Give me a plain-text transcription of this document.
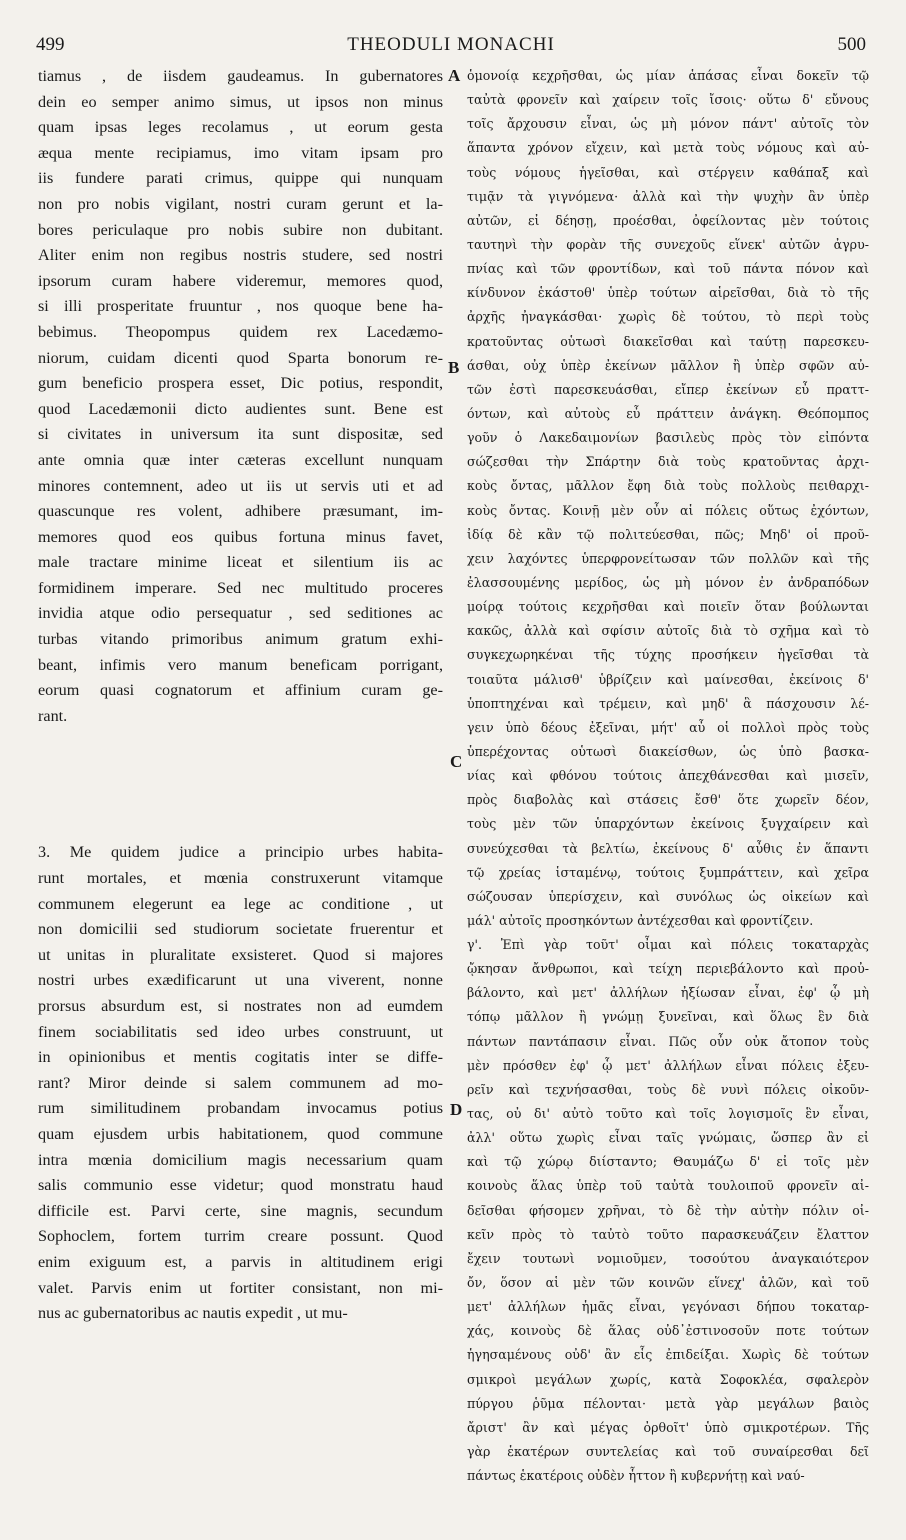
499	THEODULI MONACHI	500
tiamus , de iisdem gaudeamus. In gubernatores
dein eo semper animo simus, ut ipsos non minus
quam ipsas leges recolamus , ut eorum gesta
æqua mente recipiamus, imo vitam ipsam pro
iis fundere parati crimus, quippe qui nunquam
non pro nobis vigilant, nostri curam gerunt et la-
bores periculaque pro nobis subire non dubitant.
Aliter enim non regibus nostris studere, sed nostri
ipsorum curam habere videremur, memores quod,
si illi prosperitate fruuntur , nos quoque bene ha-
bebimus. Theopompus quidem rex Lacedæmo-
niorum, cuidam dicenti quod Sparta bonorum re-
gum beneficio prospera esset, Dic potius, respondit,
quod Lacedæmonii dicto audientes sunt. Bene est
si civitates in universum ita sunt dispositæ, sed
ante omnia quæ inter cæteras excellunt nunquam
minores contemnent, adeo ut iis ut servis uti et ad
quascunque res volent, adhibere præsumant, im-
memores quod eos quibus fortuna minus favet,
male tractare minime liceat et silentium iis ac
formidinem imperare. Sed nec multitudo proceres
invidia atque odio persequatur , sed seditiones ac
turbas vitando primoribus animum gratum exhi-
beant, infimis vero manum beneficam porrigant,
eorum quasi cognatorum et affinium curam ge-
rant.
3. Me quidem judice a principio urbes habita-
runt mortales, et mœnia construxerunt vitamque
communem elegerunt ea lege ac conditione , ut
non domicilii sed studiorum societate fruerentur et
ut unitas in pluralitate exsisteret. Quod si majores
nostri urbes exædificarunt ut una viverent, nonne
prorsus absurdum est, si nostrates non ad eumdem
finem sociabilitatis sed ideo urbes construunt, ut
in opinionibus et mentis cogitatis inter se diffe-
rant? Miror deinde si salem communem ad mo-
rum similitudinem probandam invocamus potius
quam ejusdem urbis habitationem, quod commune
intra mœnia domicilium magis necessarium quam
salis communio esse videtur; quod monstratu haud
difficile est. Parvi certe, sine magnis, secundum
Sophoclem, fortem turrim creare possunt. Quod
enim exiguum est, a parvis in altitudinem erigi
valet. Parvis enim ut fortiter consistant, non mi-
nus ac gubernatoribus ac nautis expedit , ut mu-
A
B
C
D
ὁμονοίᾳ κεχρῆσθαι, ὡς μίαν ἁπάσας εἶναι δοκεῖν τῷ
ταὐτὰ φρονεῖν καὶ χαίρειν τοῖς ἴσοις· οὕτω δ' εὔνους
τοῖς ἄρχουσιν εἶναι, ὡς μὴ μόνον πάντ' αὐτοῖς τὸν
ἅπαντα χρόνον εἴχειν, καὶ μετὰ τοὺς νόμους καὶ αὐ-
τοὺς νόμους ἡγεῖσθαι, καὶ στέργειν καθάπαξ καὶ
τιμᾷν τὰ γιγνόμενα· ἀλλὰ καὶ τὴν ψυχὴν ἂν ὑπὲρ
αὐτῶν, εἰ δέησῃ, προέσθαι, ὀφείλοντας μὲν τούτοις
ταυτηνὶ τὴν φορὰν τῆς συνεχοῦς εἵνεκ' αὐτῶν ἀγρυ-
πνίας καὶ τῶν φροντίδων, καὶ τοῦ πάντα πόνον καὶ
κίνδυνον ἑκάστοθ' ὑπὲρ τούτων αἱρεῖσθαι, διὰ τὸ τῆς
ἀρχῆς ἠναγκάσθαι· χωρὶς δὲ τούτου, τὸ περὶ τοὺς
κρατοῦντας οὑτωσὶ διακεῖσθαι καὶ ταύτῃ παρεσκευ-
άσθαι, οὐχ ὑπὲρ ἐκείνων μᾶλλον ἢ ὑπὲρ σφῶν αὐ-
τῶν ἐστὶ παρεσκευάσθαι, εἴπερ ἐκείνων εὖ πραττ-
όντων, καὶ αὐτοὺς εὖ πράττειν ἀνάγκη. Θεόπομπος
γοῦν ὁ Λακεδαιμονίων βασιλεὺς πρὸς τὸν εἰπόντα
σώζεσθαι τὴν Σπάρτην διὰ τοὺς κρατοῦντας ἀρχι-
κοὺς ὄντας, μᾶλλον ἔφη διὰ τοὺς πολλοὺς πειθαρχι-
κοὺς ὄντας. Κοινῇ μὲν οὖν αἱ πόλεις οὕτως ἐχόντων,
ἰδίᾳ δὲ κἂν τῷ πολιτεύεσθαι, πῶς; Μηδ' οἱ προῦ-
χειν λαχόντες ὑπερφρονείτωσαν τῶν πολλῶν καὶ τῆς
ἐλασσουμένης μερίδος, ὡς μὴ μόνον ἐν ἀνδραπόδων
μοίρᾳ τούτοις κεχρῆσθαι καὶ ποιεῖν ὅταν βούλωνται
κακῶς, ἀλλὰ καὶ σφίσιν αὐτοῖς διὰ τὸ σχῆμα καὶ τὸ
συγκεχωρηκέναι τῆς τύχης προσήκειν ἡγεῖσθαι τὰ
τοιαῦτα μάλισθ' ὑβρίζειν καὶ μαίνεσθαι, ἐκείνοις δ'
ὑποπτηχέναι καὶ τρέμειν, καὶ μηδ' ἃ πάσχουσιν λέ-
γειν ὑπὸ δέους ἐξεῖναι, μήτ' αὖ οἱ πολλοὶ πρὸς τοὺς
ὑπερέχοντας οὑτωσὶ διακείσθων, ὡς ὑπὸ βασκα-
νίας καὶ φθόνου τούτοις ἀπεχθάνεσθαι καὶ μισεῖν,
πρὸς διαβολὰς καὶ στάσεις ἔσθ' ὅτε χωρεῖν δέον,
τοὺς μὲν τῶν ὑπαρχόντων ἐκείνοις ξυγχαίρειν καὶ
συνεύχεσθαι τὰ βελτίω, ἐκείνους δ' αὖθις ἐν ἅπαντι
τῷ χρείας ἱσταμένῳ, τούτοις ξυμπράττειν, καὶ χεῖρα
σώζουσαν ὑπερίσχειν, καὶ συνόλως ὡς οἰκείων καὶ
μάλ' αὐτοῖς προσηκόντων ἀντέχεσθαι καὶ φροντίζειν.
γ'. Ἐπὶ γὰρ τοῦτ' οἶμαι καὶ πόλεις τοκαταρχὰς
ᾤκησαν ἄνθρωποι, καὶ τείχη περιεβάλοντο καὶ προὐ-
βάλοντο, καὶ μετ' ἀλλήλων ἠξίωσαν εἶναι, ἐφ' ᾧ μὴ
τόπῳ μᾶλλον ἢ γνώμῃ ξυνεῖναι, καὶ ὅλως ἓν διὰ
πάντων παντάπασιν εἶναι. Πῶς οὖν οὐκ ἄτοπον τοὺς
μὲν πρόσθεν ἐφ' ᾧ μετ' ἀλλήλων εἶναι πόλεις ἐξευ-
ρεῖν καὶ τεχνήσασθαι, τοὺς δὲ νυνὶ πόλεις οἰκοῦν-
τας, οὐ δι' αὐτὸ τοῦτο καὶ τοῖς λογισμοῖς ἓν εἶναι,
ἀλλ' οὕτω χωρὶς εἶναι ταῖς γνώμαις, ὥσπερ ἂν εἰ
καὶ τῷ χώρῳ διίσταντο; Θαυμάζω δ' εἰ τοῖς μὲν
κοινοὺς ἅλας ὑπὲρ τοῦ ταὐτὰ τουλοιποῦ φρονεῖν αἰ-
δεῖσθαι φήσομεν χρῆναι, τὸ δὲ τὴν αὐτὴν πόλιν οἰ-
κεῖν πρὸς τὸ ταὐτὸ τοῦτο παρασκευάζειν ἔλαττον
ἔχειν τουτωνὶ νομιοῦμεν, τοσούτου ἀναγκαιότερον
ὄν, ὅσον αἱ μὲν τῶν κοινῶν εἵνεχ' ἁλῶν, καὶ τοῦ
μετ' ἀλλήλων ἡμᾶς εἶναι, γεγόνασι δήπου τοκαταρ-
χάς, κοινοὺς δὲ ἅλας οὐδ᾽ἐστινοσοῦν ποτε τούτων
ἡγησαμένους οὐδ' ἂν εἷς ἐπιδείξαι. Χωρὶς δὲ τούτων
σμικροὶ μεγάλων χωρίς, κατὰ Σοφοκλέα, σφαλερὸν
πύργου ῥῦμα πέλονται· μετὰ γὰρ μεγάλων βαιὸς
ἄριστ' ἂν καὶ μέγας ὀρθοῖτ' ὑπὸ σμικροτέρων. Τῆς
γὰρ ἑκατέρων συντελείας καὶ τοῦ συναίρεσθαι δεῖ
πάντως ἑκατέροις οὐδὲν ἧττον ἢ κυβερνήτῃ καὶ ναύ-
